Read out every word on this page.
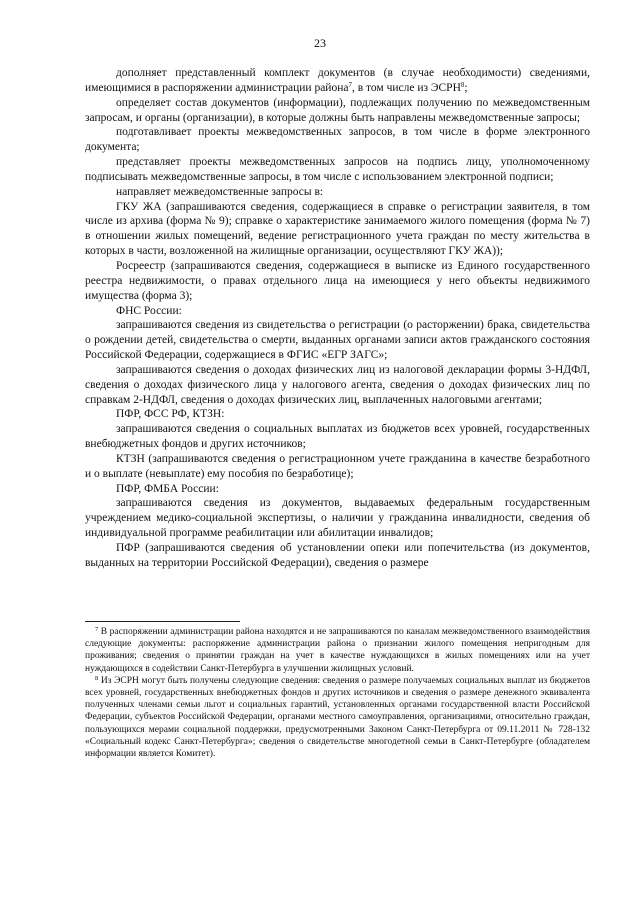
23

дополняет представленный комплект документов (в случае необходимости) сведениями, имеющимися в распоряжении администрации района$^7$, в том числе из ЭСРН$^8$;

определяет состав документов (информации), подлежащих получению по межведомственным запросам, и органы (организации), в которые должны быть направлены межведомственные запросы;

подготавливает проекты межведомственных запросов, в том числе в форме электронного документа;

представляет проекты межведомственных запросов на подпись лицу, уполномоченному подписывать межведомственные запросы, в том числе с использованием электронной подписи;

направляет межведомственные запросы в:

ГКУ ЖА (запрашиваются сведения, содержащиеся в справке о регистрации заявителя, в том числе из архива (форма № 9); справке о характеристике занимаемого жилого помещения (форма № 7) в отношении жилых помещений, ведение регистрационного учета граждан по месту жительства в которых в части, возложенной на жилищные организации, осуществляют ГКУ ЖА));

Росреестр (запрашиваются сведения, содержащиеся в выписке из Единого государственного реестра недвижимости, о правах отдельного лица на имеющиеся у него объекты недвижимого имущества (форма 3);

ФНС России:

запрашиваются сведения из свидетельства о регистрации (о расторжении) брака, свидетельства о рождении детей, свидетельства о смерти, выданных органами записи актов гражданского состояния Российской Федерации, содержащиеся в ФГИС «ЕГР ЗАГС»;

запрашиваются сведения о доходах физических лиц из налоговой декларации формы 3-НДФЛ, сведения о доходах физического лица у налогового агента, сведения о доходах физических лиц по справкам 2-НДФЛ, сведения о доходах физических лиц, выплаченных налоговыми агентами;

ПФР, ФСС РФ, КТЗН:

запрашиваются сведения о социальных выплатах из бюджетов всех уровней, государственных внебюджетных фондов и других источников;

КТЗН (запрашиваются сведения о регистрационном учете гражданина в качестве безработного и о выплате (невыплате) ему пособия по безработице);

ПФР, ФМБА России:

запрашиваются сведения из документов, выдаваемых федеральным государственным учреждением медико-социальной экспертизы, о наличии у гражданина инвалидности, сведения об индивидуальной программе реабилитации или абилитации инвалидов;

ПФР (запрашиваются сведения об установлении опеки или попечительства (из документов, выданных на территории Российской Федерации), сведения о размере

$^7$ В распоряжении администрации района находятся и не запрашиваются по каналам межведомственного взаимодействия следующие документы: распоряжение администрации района о признании жилого помещения непригодным для проживания; сведения о принятии граждан на учет в качестве нуждающихся в жилых помещениях или на учет нуждающихся в содействии Санкт-Петербурга в улучшении жилищных условий.

$^8$ Из ЭСРН могут быть получены следующие сведения: сведения о размере получаемых социальных выплат из бюджетов всех уровней, государственных внебюджетных фондов и других источников и сведения о размере денежного эквивалента полученных членами семьи льгот и социальных гарантий, установленных органами государственной власти Российской Федерации, субъектов Российской Федерации, органами местного самоуправления, организациями, относительно граждан, пользующихся мерами социальной поддержки, предусмотренными Законом Санкт-Петербурга от 09.11.2011 № 728-132 «Социальный кодекс Санкт-Петербурга»; сведения о свидетельстве многодетной семьи в Санкт-Петербурге (обладателем информации является Комитет).
